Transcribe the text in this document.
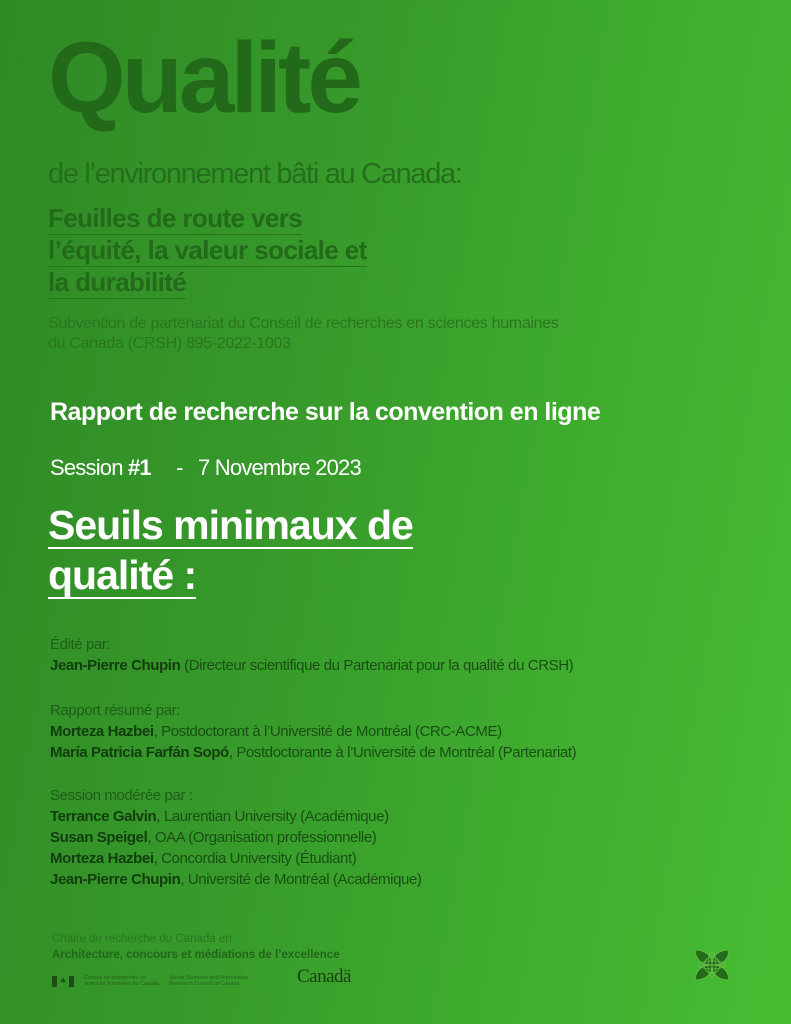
Qualité
de l’environnement bâti au Canada:
Feuilles de route vers
l’équité, la valeur sociale et
la durabilité
Subvention de partenariat du Conseil de recherches en sciences humaines
du Canada (CRSH) 895-2022-1003
Rapport de recherche sur la convention en ligne
Session #1 - 7 Novembre 2023
Seuils minimaux de
qualité :
Édité par:
Jean-Pierre Chupin (Directeur scientifique du Partenariat pour la qualité du CRSH)
Rapport résumé par:
Morteza Hazbei, Postdoctorant à l’Université de Montréal (CRC-ACME)
María Patricia Farfán Sopó, Postdoctorante à l’Université de Montréal (Partenariat)
Session modérée par :
Terrance Galvin, Laurentian University (Académique)
Susan Speigel, OAA (Organisation professionnelle)
Morteza Hazbei, Concordia University (Étudiant)
Jean-Pierre Chupin, Université de Montréal (Académique)
Chaire de recherche du Canada en
Architecture, concours et médiations de l’excellence
♣	Conseil de recherches en
sciences humaines du Canada
Social Sciences and Humanities
Research Council of Canada	Canadä
